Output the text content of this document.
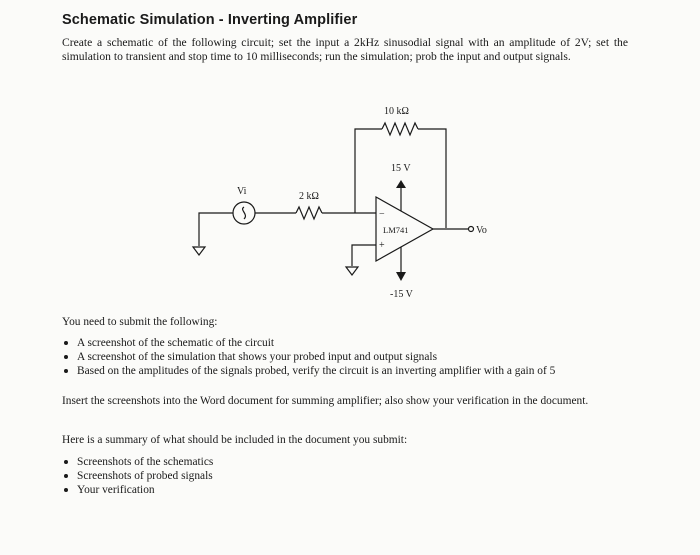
Schematic Simulation - Inverting Amplifier
Create a schematic of the following circuit; set the input a 2kHz sinusodial signal with an amplitude of 2V; set the simulation to transient and stop time to 10 milliseconds; run the simulation; prob the input and output signals.
10 kΩ
15 V
Vi	2 kΩ
−
LM741
+
Vo
-15 V
You need to submit the following:
A screenshot of the schematic of the circuit
A screenshot of the simulation that shows your probed input and output signals
Based on the amplitudes of the signals probed, verify the circuit is an inverting amplifier with a gain of 5
Insert the screenshots into the Word document for summing amplifier; also show your verification in the document.
Here is a summary of what should be included in the document you submit:
Screenshots of the schematics
Screenshots of probed signals
Your verification
